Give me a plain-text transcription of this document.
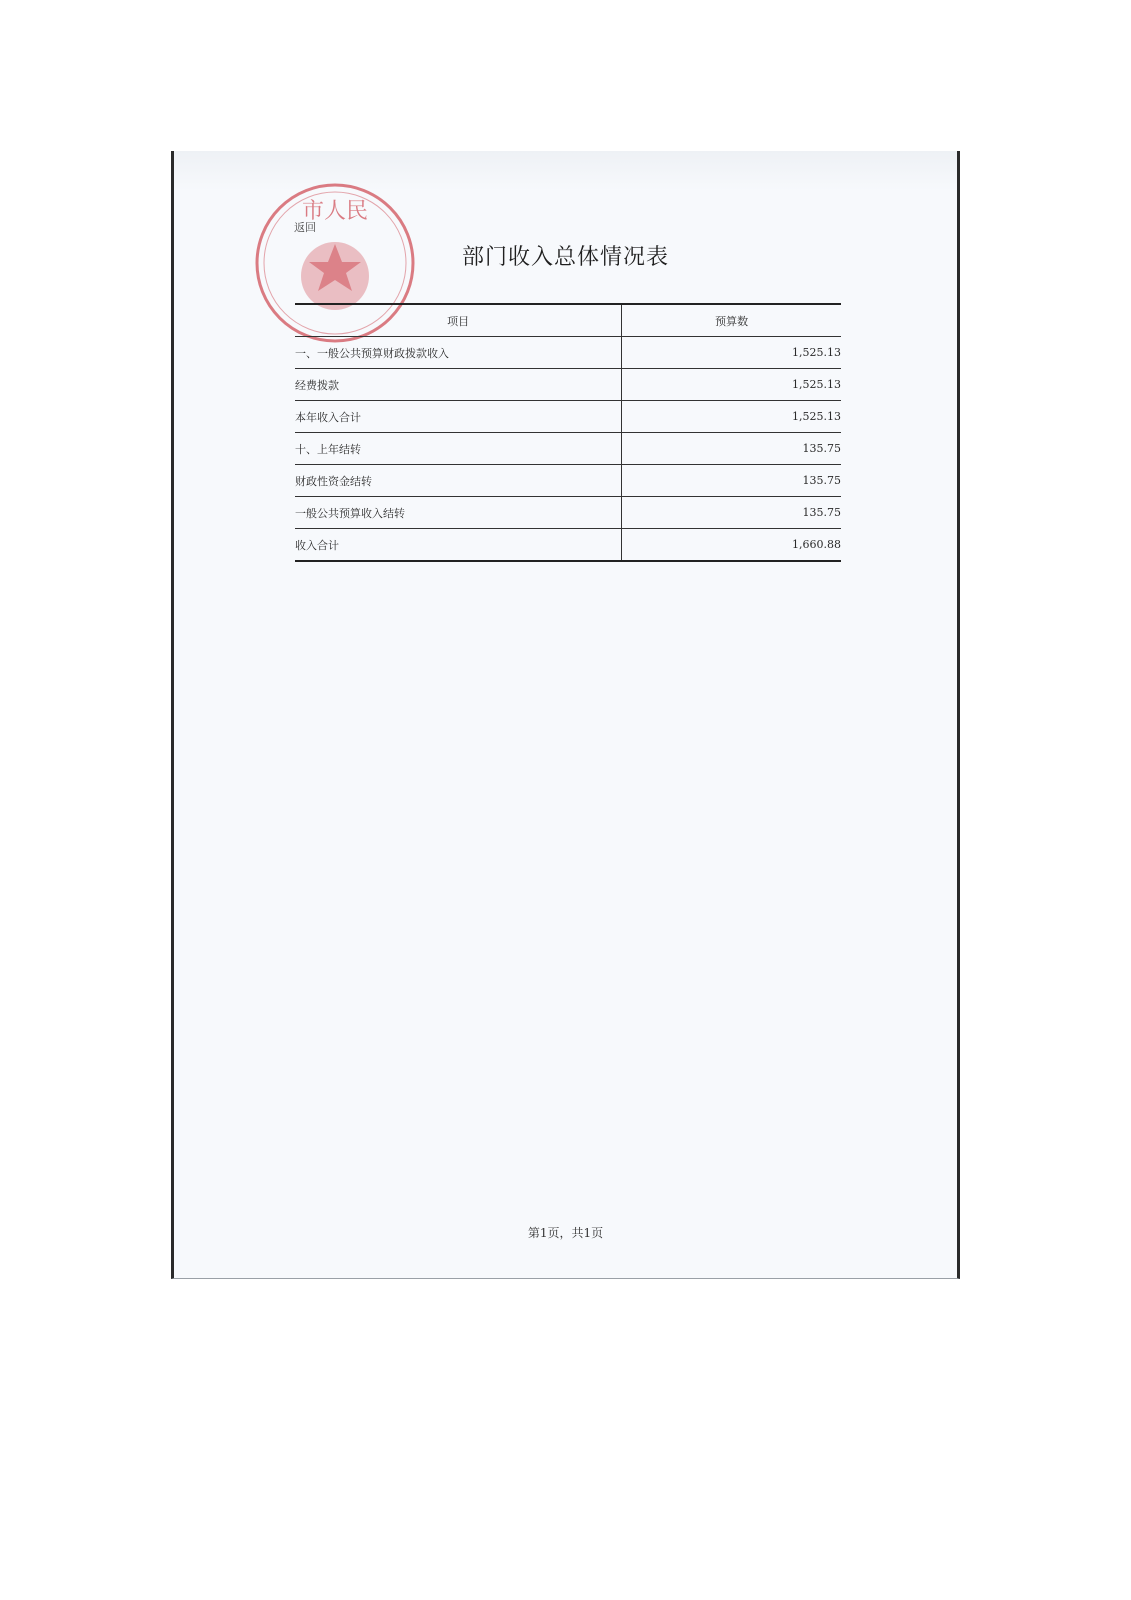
市人民
返回
部门收入总体情况表
项目	预算数
一、一般公共预算财政拨款收入	1,525.13
经费拨款	1,525.13
本年收入合计	1,525.13
十、上年结转	135.75
财政性资金结转	135.75
一般公共预算收入结转	135.75
收入合计	1,660.88
第1页，共1页
